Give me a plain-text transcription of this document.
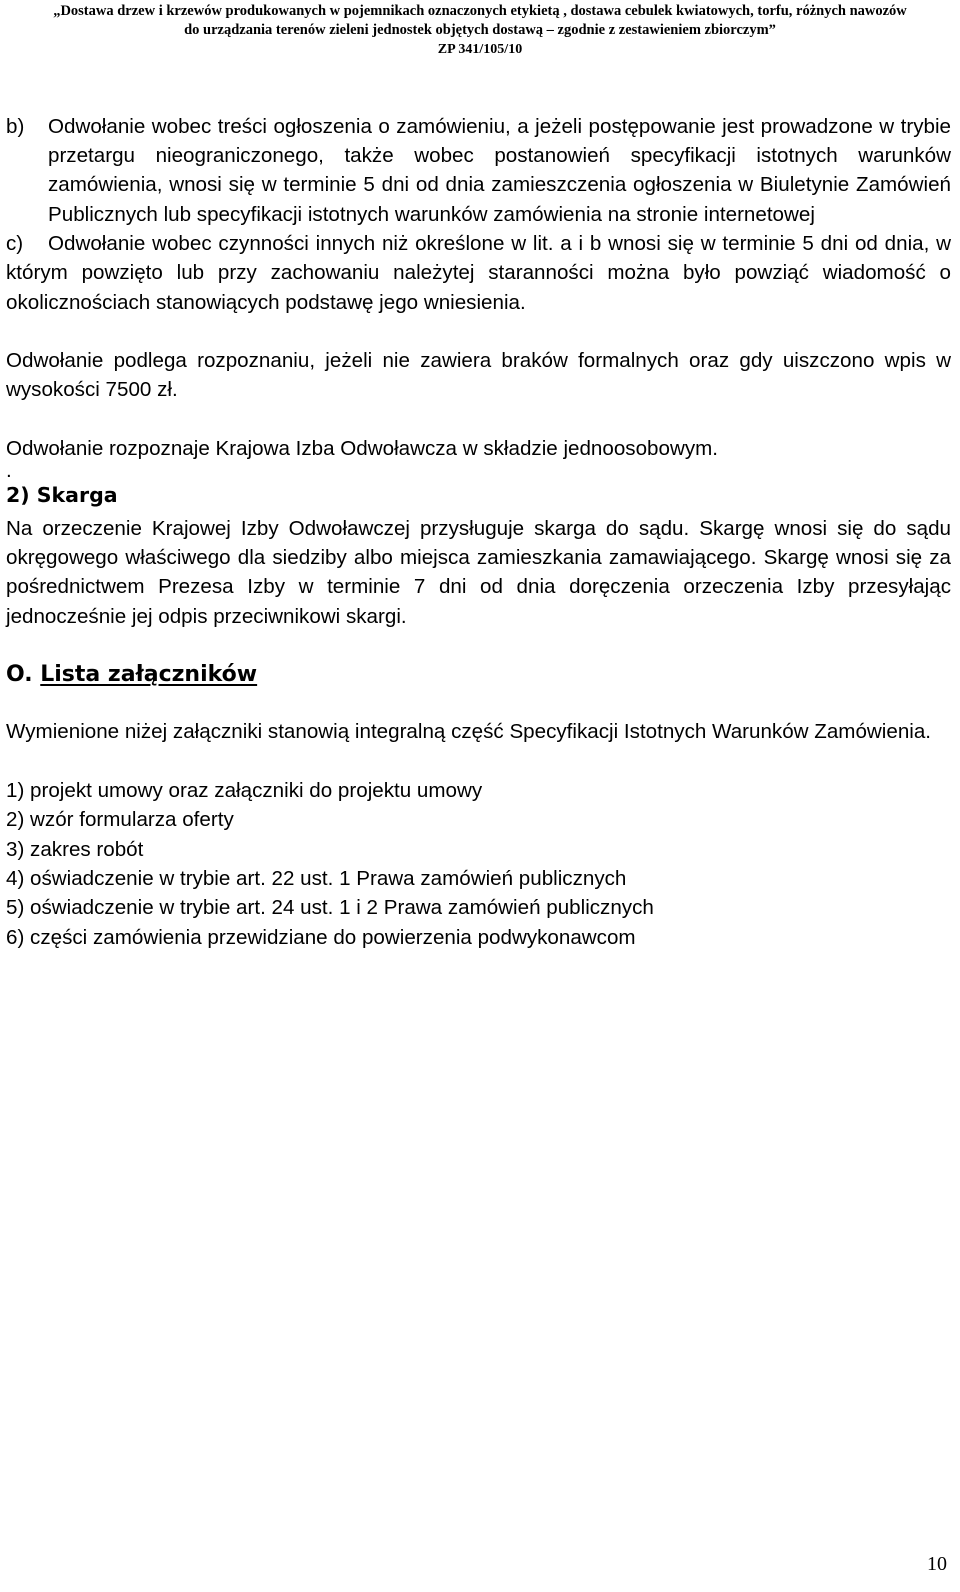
„Dostawa drzew i krzewów produkowanych w pojemnikach oznaczonych etykietą , dostawa cebulek kwiatowych, torfu, różnych nawozów
do urządzania terenów zieleni jednostek objętych dostawą – zgodnie z zestawieniem zbiorczym”
ZP 341/105/10

b) Odwołanie wobec treści ogłoszenia o zamówieniu, a jeżeli postępowanie jest prowadzone w trybie przetargu nieograniczonego, także wobec postanowień specyfikacji istotnych warunków zamówienia, wnosi się w terminie 5 dni od dnia zamieszczenia ogłoszenia w Biuletynie Zamówień Publicznych lub specyfikacji istotnych warunków zamówienia na stronie internetowej

c) Odwołanie wobec czynności innych niż określone w lit. a i b wnosi się w terminie 5 dni od dnia, w którym powzięto lub przy zachowaniu należytej staranności można było powziąć wiadomość o okolicznościach stanowiących podstawę jego wniesienia.

Odwołanie podlega rozpoznaniu, jeżeli nie zawiera braków formalnych oraz gdy uiszczono wpis w wysokości 7500 zł.

Odwołanie rozpoznaje Krajowa Izba Odwoławcza w składzie jednoosobowym.

.

2) Skarga

Na orzeczenie Krajowej Izby Odwoławczej przysługuje skarga do sądu. Skargę wnosi się do sądu okręgowego właściwego dla siedziby albo miejsca zamieszkania zamawiającego. Skargę wnosi się za pośrednictwem Prezesa Izby w terminie 7 dni od dnia doręczenia orzeczenia Izby przesyłając jednocześnie jej odpis przeciwnikowi skargi.

O. Lista załączników

Wymienione niżej załączniki stanowią integralną część Specyfikacji Istotnych Warunków Zamówienia.

1) projekt umowy oraz załączniki do projektu umowy
2) wzór formularza oferty
3) zakres robót
4) oświadczenie w trybie art. 22 ust. 1 Prawa zamówień publicznych
5) oświadczenie w trybie art. 24 ust. 1 i 2 Prawa zamówień publicznych
6) części zamówienia przewidziane do powierzenia podwykonawcom
10
